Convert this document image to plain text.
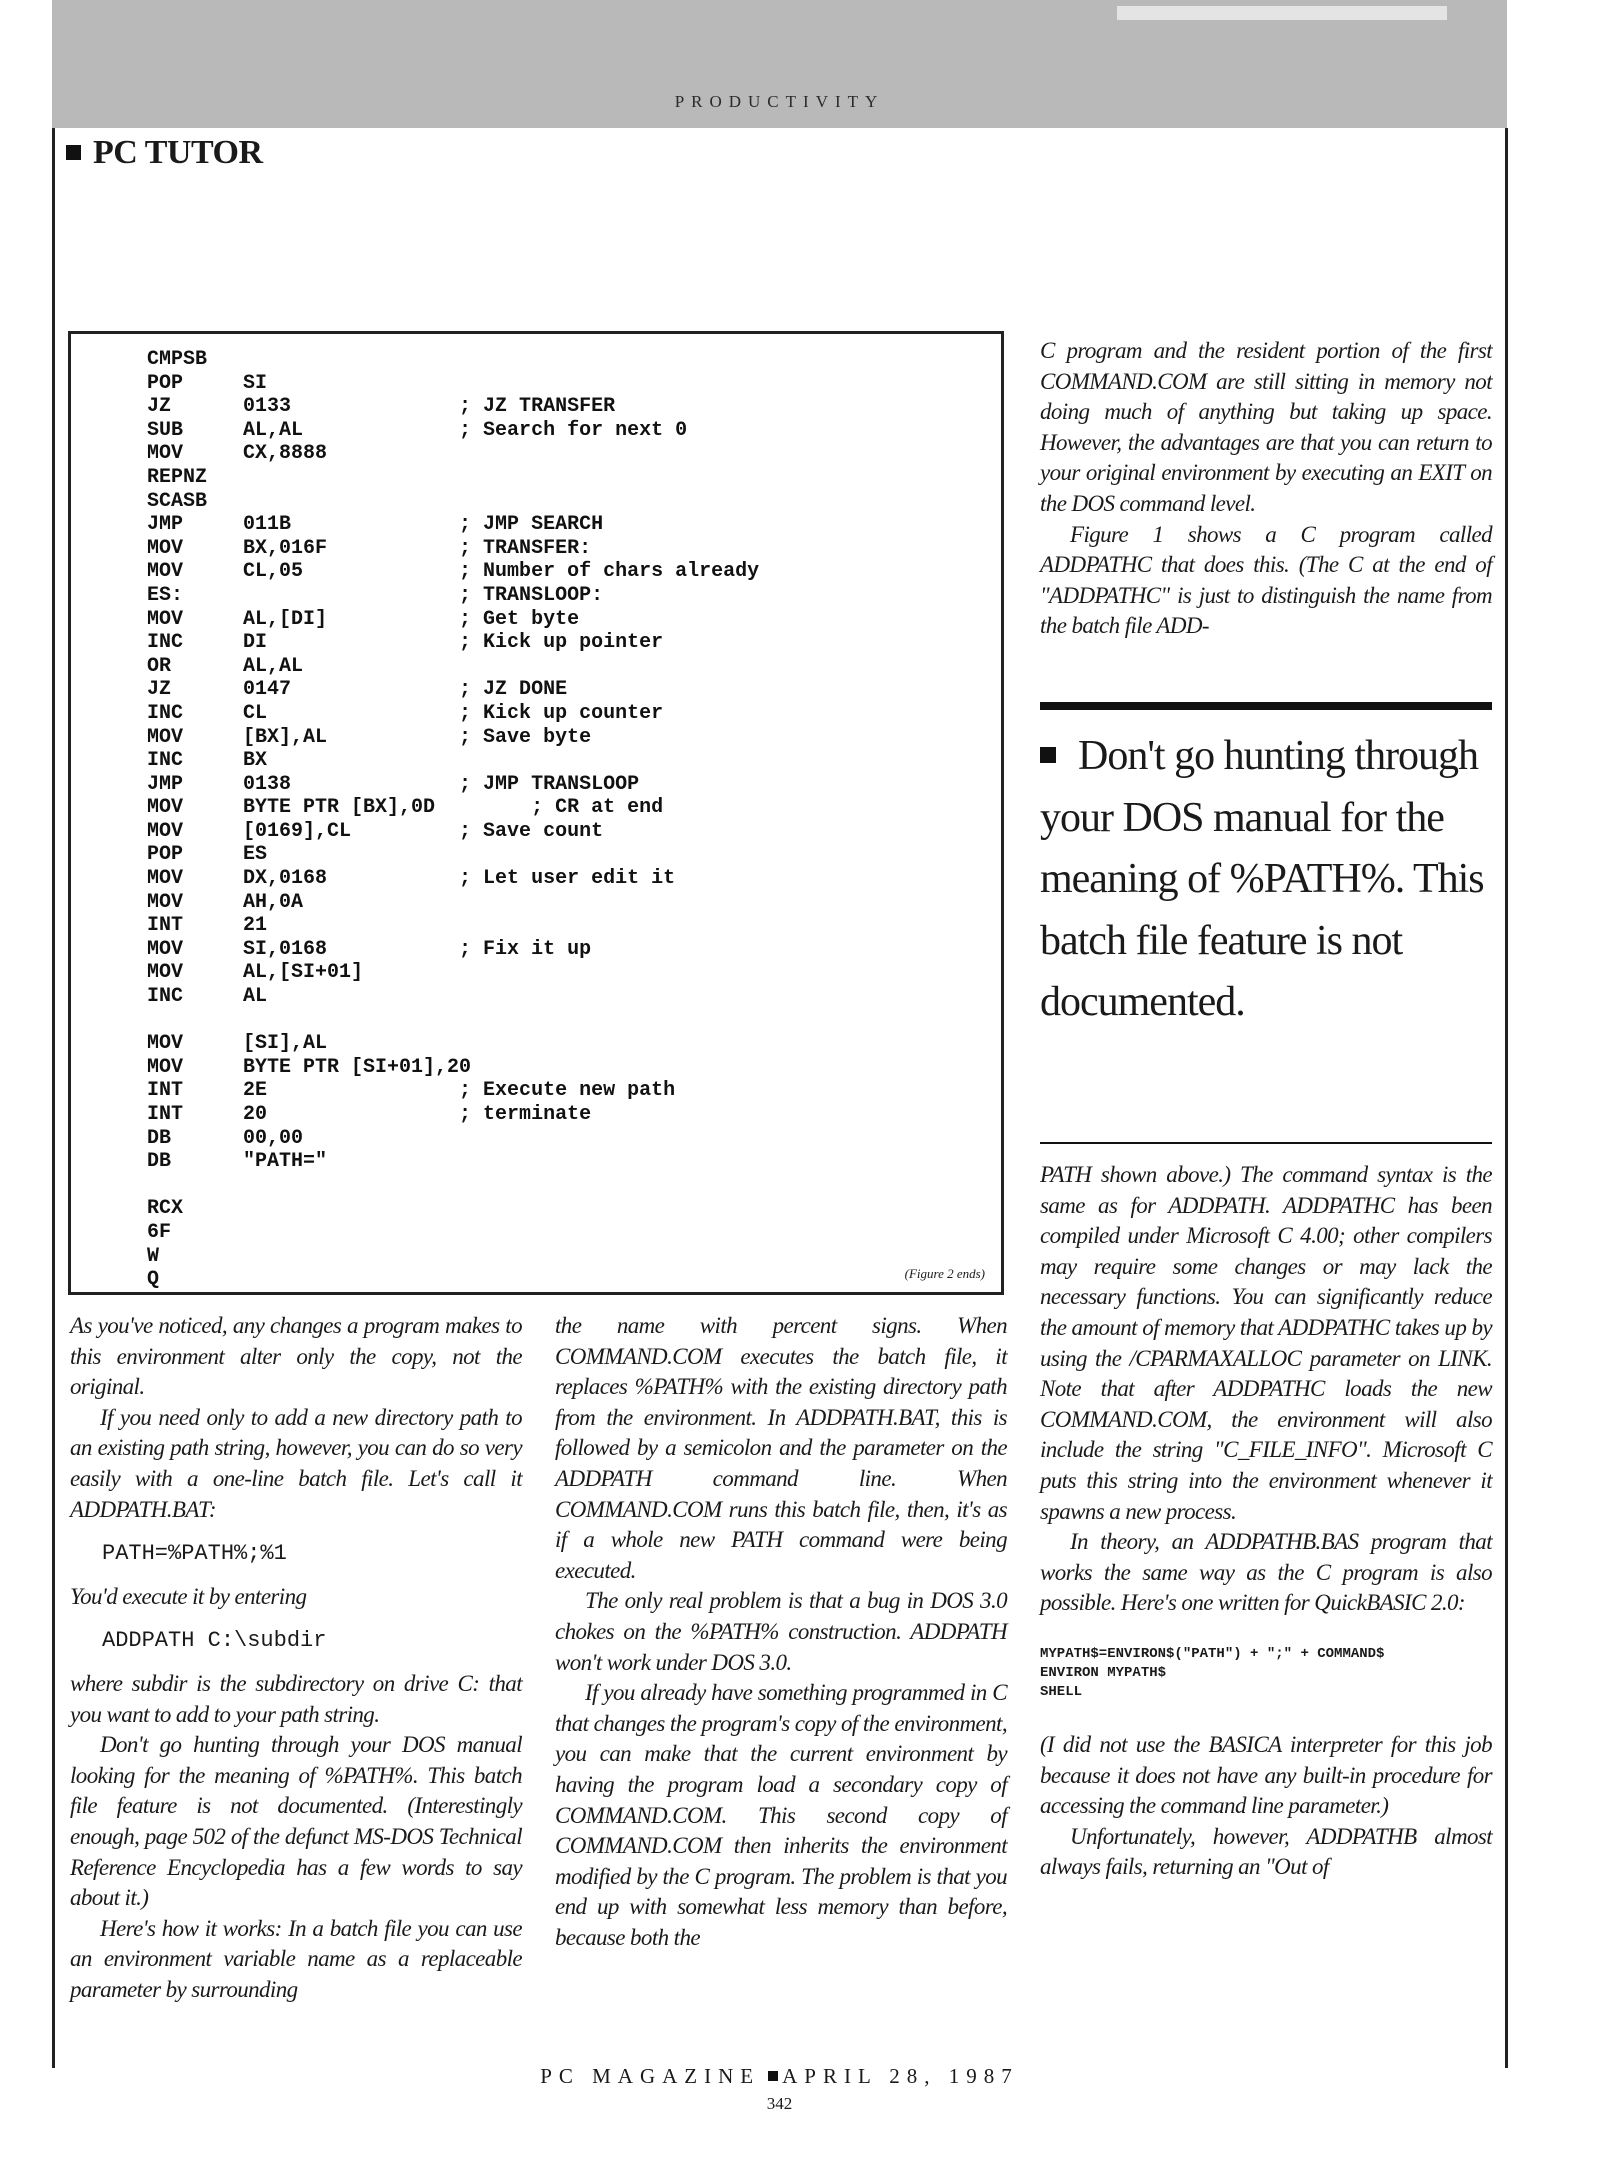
PRODUCTIVITY
PC TUTOR
CMPSB
POP     SI
JZ      0133              ; JZ TRANSFER
SUB     AL,AL             ; Search for next 0
MOV     CX,8888
REPNZ
SCASB
JMP     011B              ; JMP SEARCH
MOV     BX,016F           ; TRANSFER:
MOV     CL,05             ; Number of chars already
ES:                       ; TRANSLOOP:
MOV     AL,[DI]           ; Get byte
INC     DI                ; Kick up pointer
OR      AL,AL
JZ      0147              ; JZ DONE
INC     CL                ; Kick up counter
MOV     [BX],AL           ; Save byte
INC     BX
JMP     0138              ; JMP TRANSLOOP
MOV     BYTE PTR [BX],0D        ; CR at end
MOV     [0169],CL         ; Save count
POP     ES
MOV     DX,0168           ; Let user edit it
MOV     AH,0A
INT     21
MOV     SI,0168           ; Fix it up
MOV     AL,[SI+01]
INC     AL
MOV     [SI],AL
MOV     BYTE PTR [SI+01],20
INT     2E                ; Execute new path
INT     20                ; terminate
DB      00,00
DB      "PATH="
RCX
6F
W
Q	(Figure 2 ends)

As you've noticed, any changes a program makes to this environment alter only the copy, not the original.

If you need only to add a new directory path to an existing path string, however, you can do so very easily with a one-line batch file. Let's call it ADDPATH.BAT:

PATH=%PATH%;%1

You'd execute it by entering

ADDPATH C:\subdir

where subdir is the subdirectory on drive C: that you want to add to your path string.

Don't go hunting through your DOS manual looking for the meaning of %PATH%. This batch file feature is not documented. (Interestingly enough, page 502 of the defunct MS-DOS Technical Reference Encyclopedia has a few words to say about it.)

Here's how it works: In a batch file you can use an environment variable name as a replaceable parameter by surrounding

the name with percent signs. When COMMAND.COM executes the batch file, it replaces %PATH% with the existing directory path from the environment. In ADDPATH.BAT, this is followed by a semicolon and the parameter on the ADDPATH command line. When COMMAND.COM runs this batch file, then, it's as if a whole new PATH command were being executed.

The only real problem is that a bug in DOS 3.0 chokes on the %PATH% construction. ADDPATH won't work under DOS 3.0.

If you already have something programmed in C that changes the program's copy of the environment, you can make that the current environment by having the program load a secondary copy of COMMAND.COM. This second copy of COMMAND.COM then inherits the environment modified by the C program. The problem is that you end up with somewhat less memory than before, because both the

C program and the resident portion of the first COMMAND.COM are still sitting in memory not doing much of anything but taking up space. However, the advantages are that you can return to your original environment by executing an EXIT on the DOS command level.

Figure 1 shows a C program called ADDPATHC that does this. (The C at the end of "ADDPATHC" is just to distinguish the name from the batch file ADD-

Don't go hunting through your DOS manual for the meaning of %PATH%. This batch file feature is not documented.

PATH shown above.) The command syntax is the same as for ADDPATH. ADDPATHC has been compiled under Microsoft C 4.00; other compilers may require some changes or may lack the necessary functions. You can significantly reduce the amount of memory that ADDPATHC takes up by using the /CPARMAXALLOC parameter on LINK. Note that after ADDPATHC loads the new COMMAND.COM, the environment will also include the string "C_FILE_INFO". Microsoft C puts this string into the environment whenever it spawns a new process.

In theory, an ADDPATHB.BAS program that works the same way as the C program is also possible. Here's one written for QuickBASIC 2.0:

MYPATH$=ENVIRON$("PATH") + ";" + COMMAND$
ENVIRON MYPATH$
SHELL

(I did not use the BASICA interpreter for this job because it does not have any built-in procedure for accessing the command line parameter.)

Unfortunately, however, ADDPATHB almost always fails, returning an "Out of

PC MAGAZINE APRIL 28, 1987
342
